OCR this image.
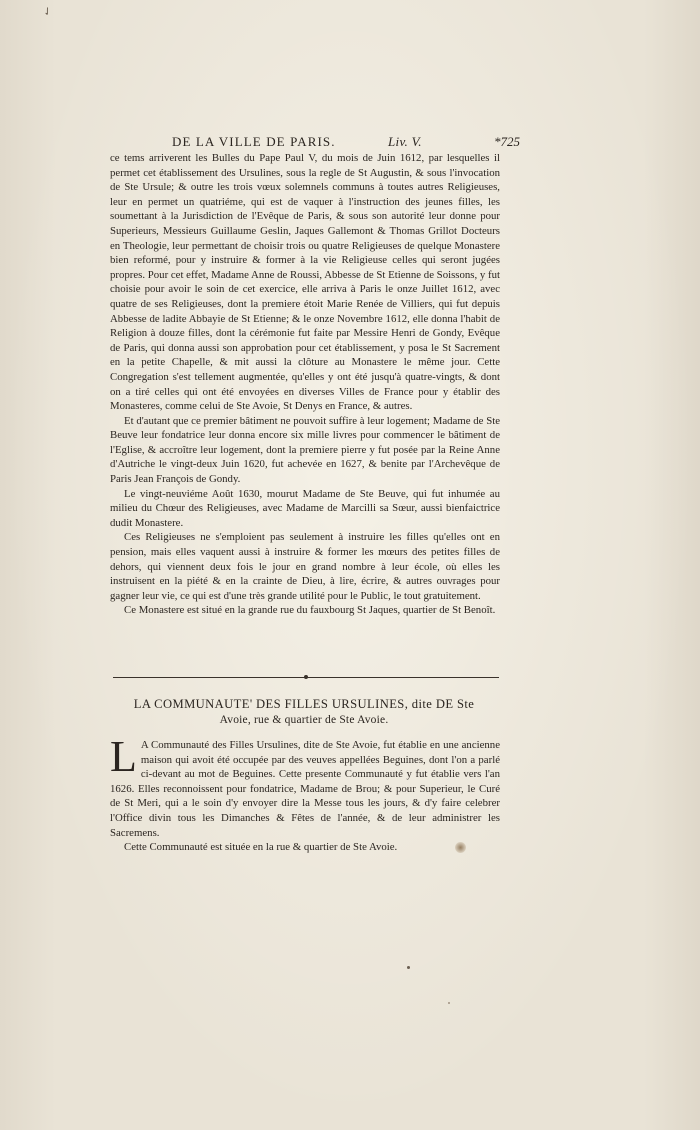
✓
DE LA VILLE DE PARIS.	Liv. V.	*725

ce tems arriverent les Bulles du Pape Paul V, du mois de Juin 1612, par lesquelles il permet cet établissement des Ursulines, sous la regle de St Augustin, & sous l'invocation de Ste Ursule; & outre les trois vœux solemnels communs à toutes autres Religieuses, leur en permet un quatriéme, qui est de vaquer à l'instruction des jeunes filles, les soumettant à la Jurisdiction de l'Evêque de Paris, & sous son autorité leur donne pour Superieurs, Messieurs Guillaume Geslin, Jaques Gallemont & Thomas Grillot Docteurs en Theologie, leur permettant de choisir trois ou quatre Religieuses de quelque Monastere bien reformé, pour y instruire & former à la vie Religieuse celles qui seront jugées propres. Pour cet effet, Madame Anne de Roussi, Abbesse de St Etienne de Soissons, y fut choisie pour avoir le soin de cet exercice, elle arriva à Paris le onze Juillet 1612, avec quatre de ses Religieuses, dont la premiere étoit Marie Renée de Villiers, qui fut depuis Abbesse de ladite Abbayie de St Etienne; & le onze Novembre 1612, elle donna l'habit de Religion à douze filles, dont la cérémonie fut faite par Messire Henri de Gondy, Evêque de Paris, qui donna aussi son approbation pour cet établissement, y posa le St Sacrement en la petite Chapelle, & mit aussi la clôture au Monastere le même jour. Cette Congregation s'est tellement augmentée, qu'elles y ont été jusqu'à quatre-vingts, & dont on a tiré celles qui ont été envoyées en diverses Villes de France pour y établir des Monasteres, comme celui de Ste Avoie, St Denys en France, & autres.

Et d'autant que ce premier bâtiment ne pouvoit suffire à leur logement; Madame de Ste Beuve leur fondatrice leur donna encore six mille livres pour commencer le bâtiment de l'Eglise, & accroître leur logement, dont la premiere pierre y fut posée par la Reine Anne d'Autriche le vingt-deux Juin 1620, fut achevée en 1627, & benite par l'Archevêque de Paris Jean François de Gondy.

Le vingt-neuviéme Août 1630, mourut Madame de Ste Beuve, qui fut inhumée au milieu du Chœur des Religieuses, avec Madame de Marcilli sa Sœur, aussi bienfaictrice dudit Monastere.

Ces Religieuses ne s'emploient pas seulement à instruire les filles qu'elles ont en pension, mais elles vaquent aussi à instruire & former les mœurs des petites filles de dehors, qui viennent deux fois le jour en grand nombre à leur école, où elles les instruisent en la piété & en la crainte de Dieu, à lire, écrire, & autres ouvrages pour gagner leur vie, ce qui est d'une très grande utilité pour le Public, le tout gratuitement.

Ce Monastere est situé en la grande rue du fauxbourg St Jaques, quartier de St Benoît.

LA COMMUNAUTE' DES FILLES URSULINES, dite DE Ste
Avoie, rue & quartier de Ste Avoie.

L A Communauté des Filles Ursulines, dite de Ste Avoie, fut établie en une ancienne maison qui avoit été occupée par des veuves appellées Beguines, dont l'on a parlé ci-devant au mot de Beguines. Cette presente Communauté y fut établie vers l'an 1626. Elles reconnoissent pour fondatrice, Madame de Brou; & pour Superieur, le Curé de St Meri, qui a le soin d'y envoyer dire la Messe tous les jours, & d'y faire celebrer l'Office divin tous les Dimanches & Fêtes de l'année, & de leur administrer les Sacremens.

Cette Communauté est située en la rue & quartier de Ste Avoie.
